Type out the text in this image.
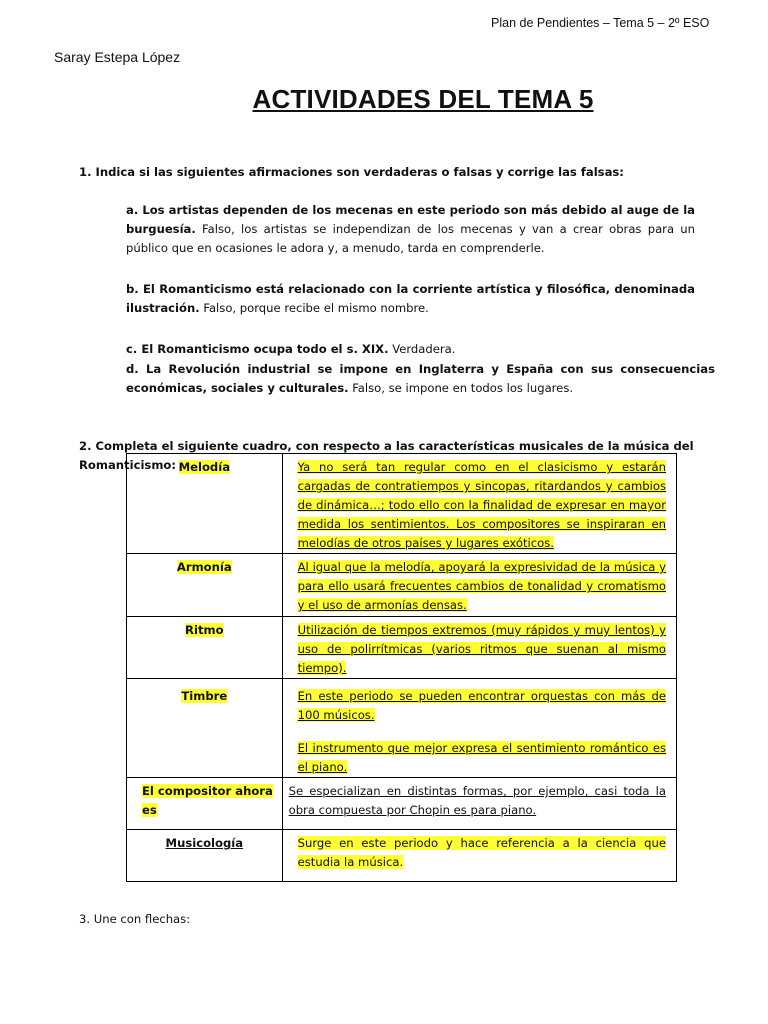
Plan de Pendientes – Tema 5 – 2º ESO
Saray Estepa López
ACTIVIDADES DEL TEMA 5
1. Indica si las siguientes afirmaciones son verdaderas o falsas y corrige las falsas:
a. Los artistas dependen de los mecenas en este periodo son más debido al auge de la burguesía. Falso, los artistas se independizan de los mecenas y van a crear obras para un público que en ocasiones le adora y, a menudo, tarda en comprenderle.
b. El Romanticismo está relacionado con la corriente artística y filosófica, denominada ilustración. Falso, porque recibe el mismo nombre.
c. El Romanticismo ocupa todo el s. XIX. Verdadera.
d. La Revolución industrial se impone en Inglaterra y España con sus consecuencias económicas, sociales y culturales. Falso, se impone en todos los lugares.
2. Completa el siguiente cuadro, con respecto a las características musicales de la música del Romanticismo: Melodía	Ya no será tan regular como en el clasicismo y estarán cargadas de contratiempos y sincopas, ritardandos y cambios de dinámica…; todo ello con la finalidad de expresar en mayor medida los sentimientos. Los compositores se inspiraran en melodías de otros países y lugares exóticos.

Armonía	Al igual que la melodía, apoyará la expresividad de la música y para ello usará frecuentes cambios de tonalidad y cromatismo y el uso de armonías densas.

Ritmo	Utilización de tiempos extremos (muy rápidos y muy lentos) y uso de polirrítmicas (varios ritmos que suenan al mismo tiempo).

Timbre	En este periodo se pueden encontrar orquestas con más de 100 músicos.
El instrumento que mejor expresa el sentimiento romántico es el piano.

El compositor ahora es	Se especializan en distintas formas, por ejemplo, casi toda la obra compuesta por Chopin es para piano.

Musicología	Surge en este periodo y hace referencia a la ciencia que estudia la música.
3. Une con flechas:
